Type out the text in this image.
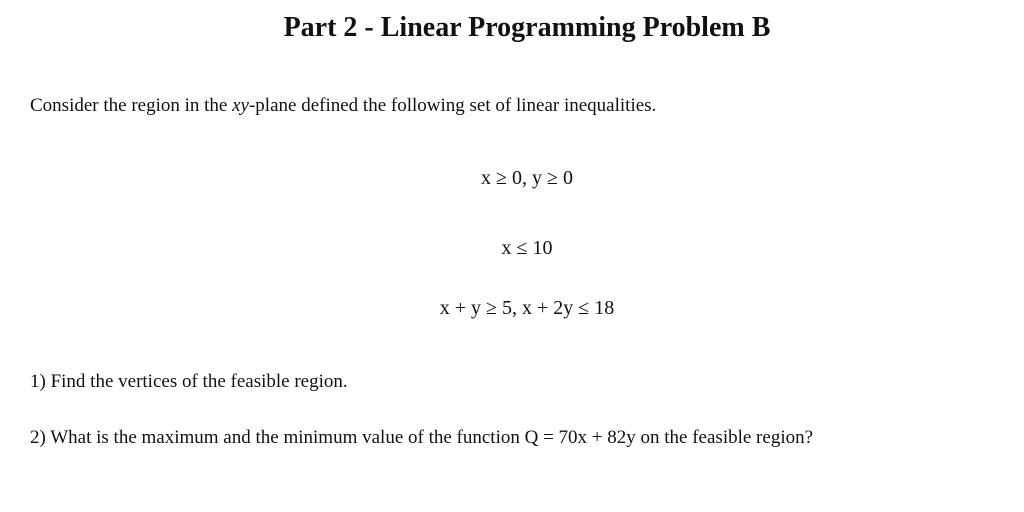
Part 2 - Linear Programming Problem B

Consider the region in the xy-plane defined the following set of linear inequalities.

x ≥ 0, y ≥ 0

x ≤ 10

x + y ≥ 5, x + 2y ≤ 18

1) Find the vertices of the feasible region.

2) What is the maximum and the minimum value of the function Q = 70x + 82y on the feasible region?
